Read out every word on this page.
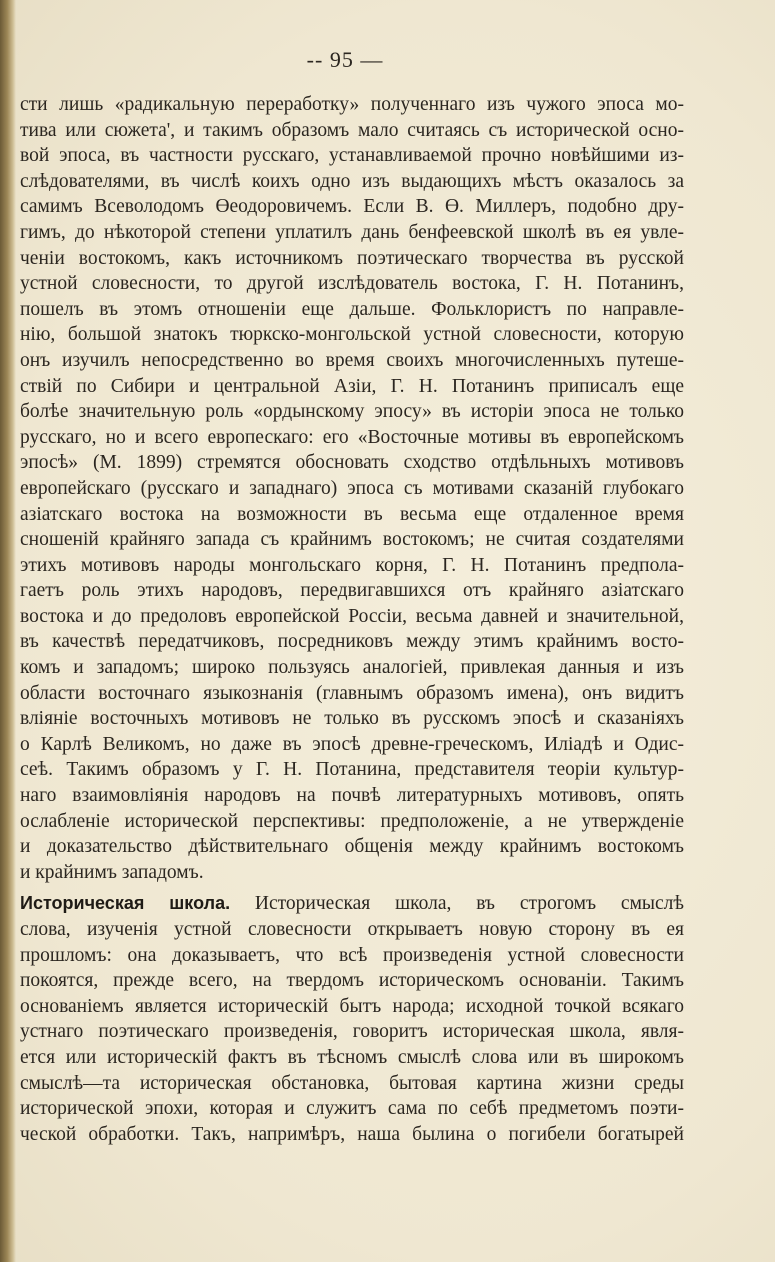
-- 95 —
сти лишь «радикальную переработку» полученнаго изъ чужого эпоса мо-
тива или сюжета', и такимъ образомъ мало считаясь съ исторической осно-
вой эпоса, въ частности русскаго, устанавливаемой прочно новѣйшими из-
слѣдователями, въ числѣ коихъ одно изъ выдающихъ мѣстъ оказалось за
самимъ Всеволодомъ Өеодоровичемъ. Если В. Ө. Миллеръ, подобно дру-
гимъ, до нѣкоторой степени уплатилъ дань бенфеевской школѣ въ ея увле-
ченіи востокомъ, какъ источникомъ поэтическаго творчества въ русской
устной словесности, то другой изслѣдователь востока, Г. Н. Потанинъ,
пошелъ въ этомъ отношеніи еще дальше. Фольклористъ по направле-
нію, большой знатокъ тюркско-монгольской устной словесности, которую
онъ изучилъ непосредственно во время своихъ многочисленныхъ путеше-
ствій по Сибири и центральной Азіи, Г. Н. Потанинъ приписалъ еще
болѣе значительную роль «ордынскому эпосу» въ исторіи эпоса не только
русскаго, но и всего европескаго: его «Восточные мотивы въ европейскомъ
эпосѣ» (М. 1899) стремятся обосновать сходство отдѣльныхъ мотивовъ
европейскаго (русскаго и западнаго) эпоса съ мотивами сказаній глубокаго
азіатскаго востока на возможности въ весьма еще отдаленное время
сношеній крайняго запада съ крайнимъ востокомъ; не считая создателями
этихъ мотивовъ народы монгольскаго корня, Г. Н. Потанинъ предпола-
гаетъ роль этихъ народовъ, передвигавшихся отъ крайняго азіатскаго
востока и до предоловъ европейской Россіи, весьма давней и значительной,
въ качествѣ передатчиковъ, посредниковъ между этимъ крайнимъ восто-
комъ и западомъ; широко пользуясь аналогіей, привлекая данныя и изъ
области восточнаго языкознанія (главнымъ образомъ имена), онъ видитъ
вліяніе восточныхъ мотивовъ не только въ русскомъ эпосѣ и сказаніяхъ
о Карлѣ Великомъ, но даже въ эпосѣ древне-греческомъ, Иліадѣ и Одис-
сеѣ. Такимъ образомъ у Г. Н. Потанина, представителя теоріи культур-
наго взаимовліянія народовъ на почвѣ литературныхъ мотивовъ, опять
ослабленіе исторической перспективы: предположеніе, а не утвержденіе
и доказательство дѣйствительнаго общенія между крайнимъ востокомъ
и крайнимъ западомъ.
Историческая школа. Историческая школа, въ строгомъ смыслѣ
слова, изученія устной словесности открываетъ новую сторону въ ея
прошломъ: она доказываетъ, что всѣ произведенія устной словесности
покоятся, прежде всего, на твердомъ историческомъ основаніи. Такимъ
основаніемъ является историческій бытъ народа; исходной точкой всякаго
устнаго поэтическаго произведенія, говоритъ историческая школа, явля-
ется или историческій фактъ въ тѣсномъ смыслѣ слова или въ широкомъ
смыслѣ—та историческая обстановка, бытовая картина жизни среды
исторической эпохи, которая и служитъ сама по себѣ предметомъ поэти-
ческой обработки. Такъ, напримѣръ, наша былина о погибели богатырей
